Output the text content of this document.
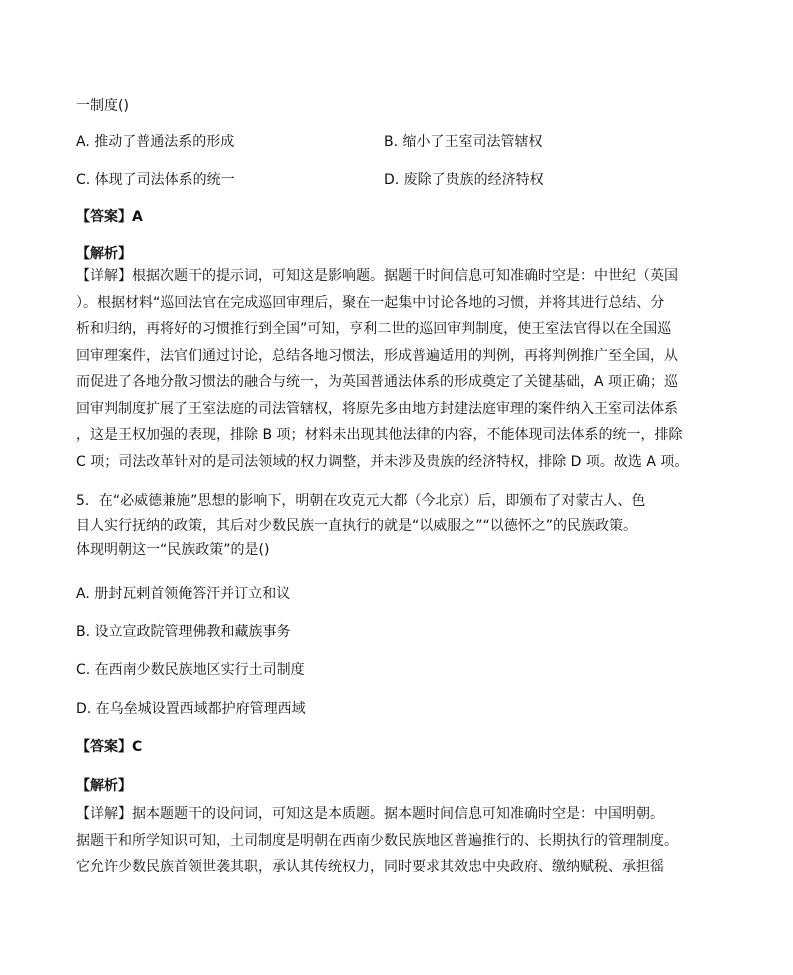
一制度()
A. 推动了普通法系的形成	B. 缩小了王室司法管辖权
C. 体现了司法体系的统一	D. 废除了贵族的经济特权
【答案】A
【解析】
【详解】根据次题干的提示词，可知这是影响题。据题干时间信息可知准确时空是：中世纪（英国
）。根据材料“巡回法官在完成巡回审理后，聚在一起集中讨论各地的习惯，并将其进行总结、分
析和归纳，再将好的习惯推行到全国”可知，亨利二世的巡回审判制度，使王室法官得以在全国巡
回审理案件，法官们通过讨论，总结各地习惯法，形成普遍适用的判例，再将判例推广至全国，从
而促进了各地分散习惯法的融合与统一，为英国普通法体系的形成奠定了关键基础，A 项正确；巡
回审判制度扩展了王室法庭的司法管辖权，将原先多由地方封建法庭审理的案件纳入王室司法体系
，这是王权加强的表现，排除 B 项；材料未出现其他法律的内容，不能体现司法体系的统一，排除
C 项；司法改革针对的是司法领域的权力调整，并未涉及贵族的经济特权，排除 D 项。故选 A 项。
5．在“必威德兼施”思想的影响下，明朝在攻克元大都（今北京）后，即颁布了对蒙古人、色
目人实行抚纳的政策，其后对少数民族一直执行的就是“以威服之”“以德怀之”的民族政策。
体现明朝这一“民族政策”的是()
A. 册封瓦剌首领俺答汗并订立和议
B. 设立宣政院管理佛教和藏族事务
C. 在西南少数民族地区实行土司制度
D. 在乌垒城设置西域都护府管理西域
【答案】C
【解析】
【详解】据本题题干的设问词，可知这是本质题。据本题时间信息可知准确时空是：中国明朝。
据题干和所学知识可知，土司制度是明朝在西南少数民族地区普遍推行的、长期执行的管理制度。
它允许少数民族首领世袭其职，承认其传统权力，同时要求其效忠中央政府、缴纳赋税、承担徭
